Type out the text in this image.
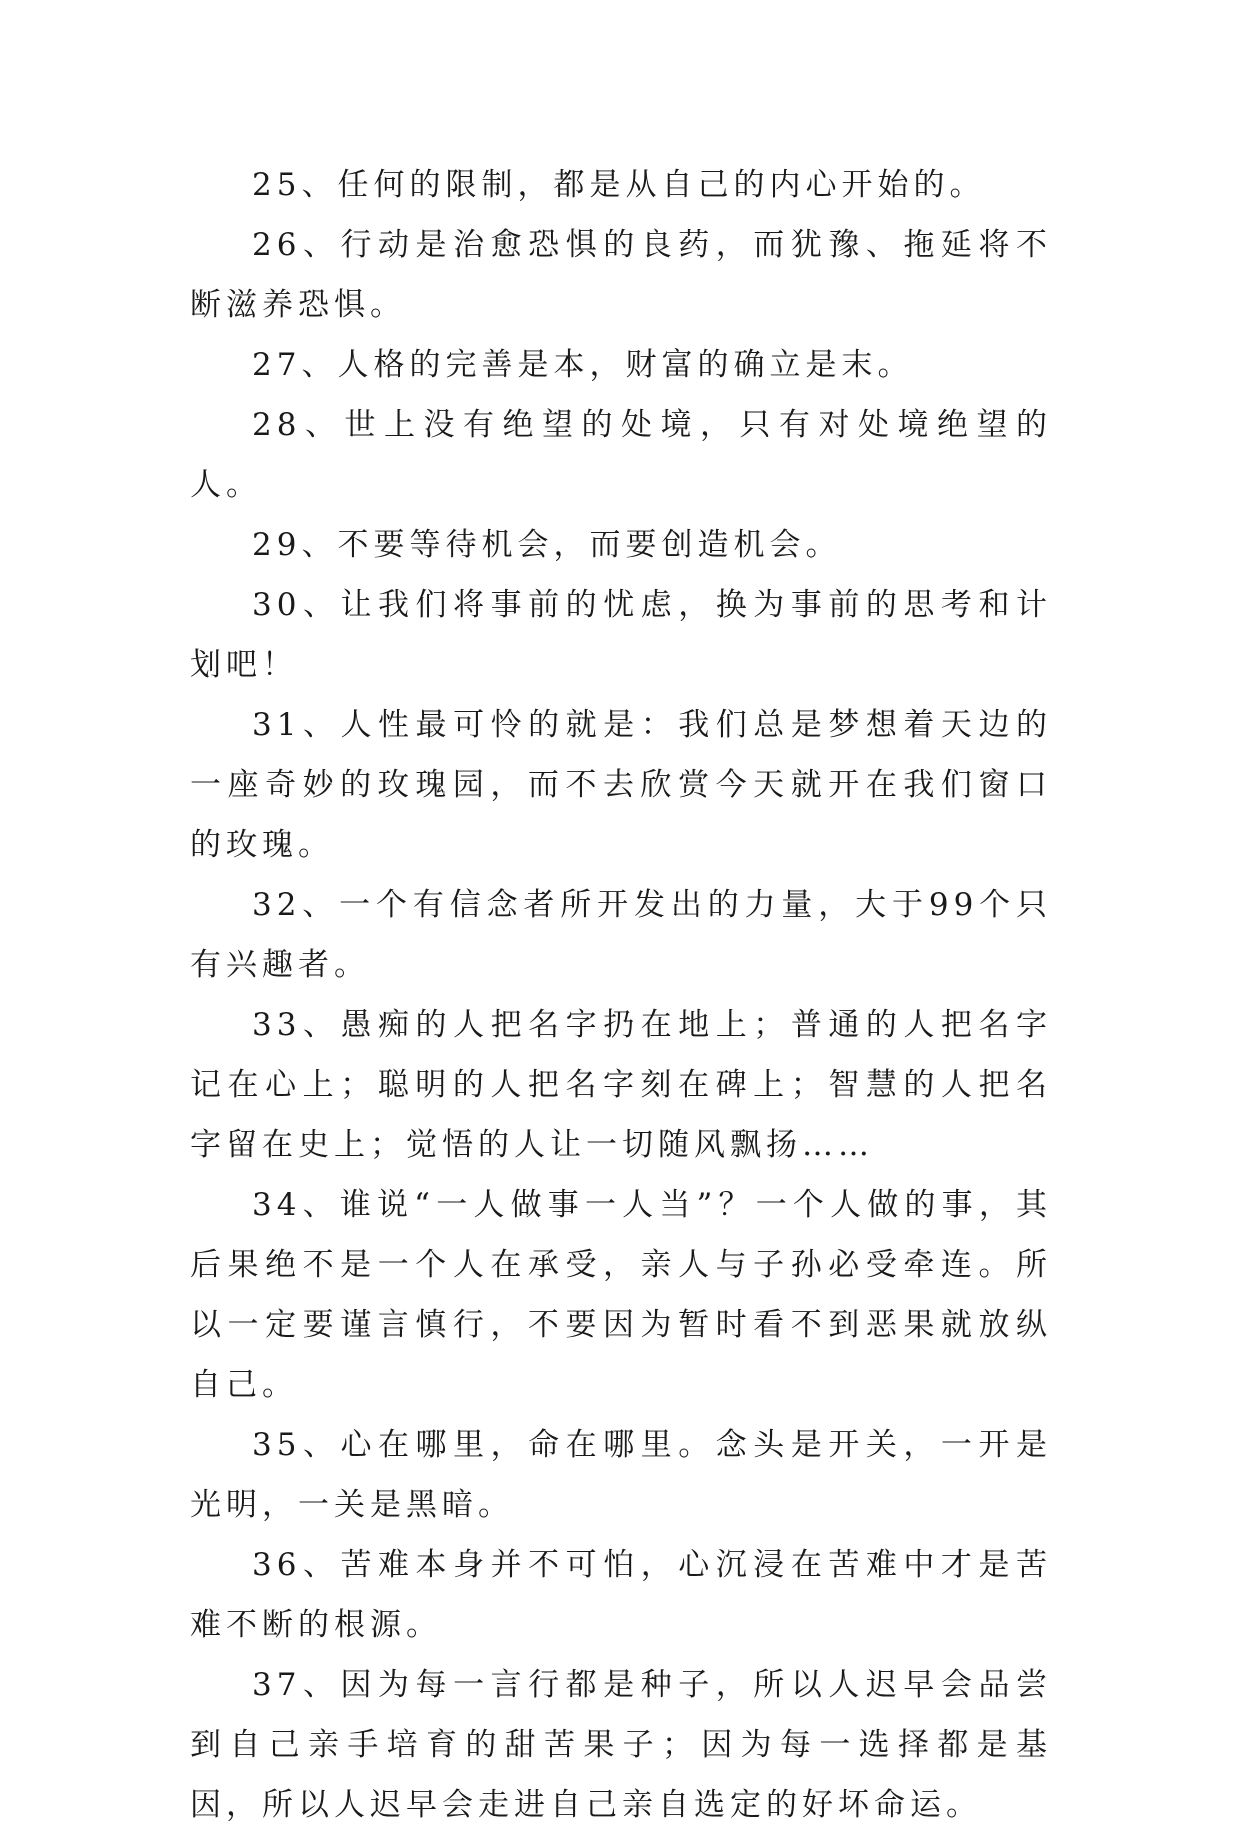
25、任何的限制，都是从自己的内心开始的。

26、行动是治愈恐惧的良药，而犹豫、拖延将不断滋养恐惧。

27、人格的完善是本，财富的确立是末。

28、世上没有绝望的处境，只有对处境绝望的人。

29、不要等待机会，而要创造机会。

30、让我们将事前的忧虑，换为事前的思考和计划吧！

31、人性最可怜的就是：我们总是梦想着天边的一座奇妙的玫瑰园，而不去欣赏今天就开在我们窗口的玫瑰。

32、一个有信念者所开发出的力量，大于99个只有兴趣者。

33、愚痴的人把名字扔在地上；普通的人把名字记在心上；聪明的人把名字刻在碑上；智慧的人把名字留在史上；觉悟的人让一切随风飘扬……

34、谁说“一人做事一人当”？一个人做的事，其后果绝不是一个人在承受，亲人与子孙必受牵连。所以一定要谨言慎行，不要因为暂时看不到恶果就放纵自己。

35、心在哪里，命在哪里。念头是开关，一开是光明，一关是黑暗。

36、苦难本身并不可怕，心沉浸在苦难中才是苦难不断的根源。

37、因为每一言行都是种子，所以人迟早会品尝到自己亲手培育的甜苦果子；因为每一选择都是基因，所以人迟早会走进自己亲自选定的好坏命运。
